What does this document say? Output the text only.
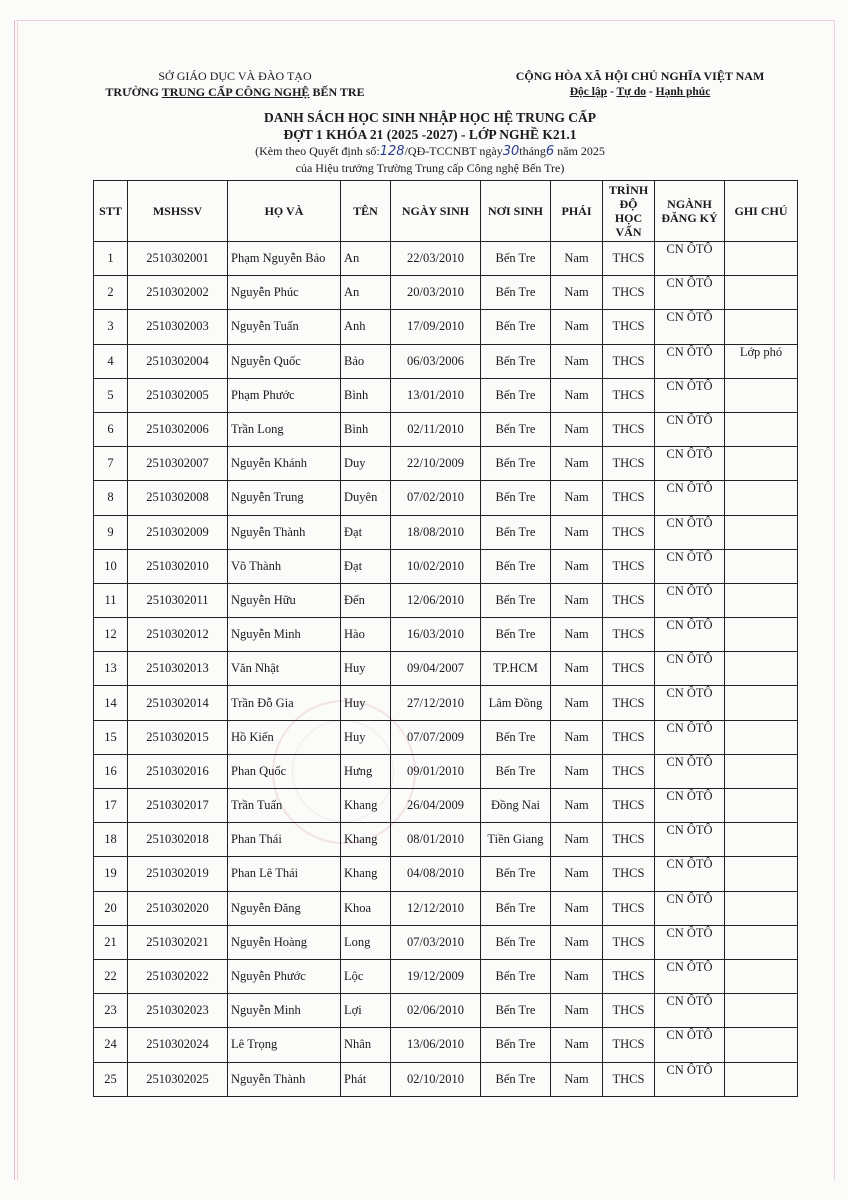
SỞ GIÁO DỤC VÀ ĐÀO TẠO
TRƯỜNG TRUNG CẤP CÔNG NGHỆ BẾN TRE
CỘNG HÒA XÃ HỘI CHỦ NGHĨA VIỆT NAM
Độc lập - Tự do - Hạnh phúc
DANH SÁCH HỌC SINH NHẬP HỌC HỆ TRUNG CẤP
ĐỢT 1 KHÓA 21 (2025 -2027) - LỚP NGHỀ K21.1
(Kèm theo Quyết định số:128/QĐ-TCCNBT ngày30tháng6 năm 2025
của Hiệu trưởng Trường Trung cấp Công nghệ Bến Tre)
STT	MSHSSV	HỌ VÀ	TÊN	NGÀY SINH	NƠI SINH	PHÁI	TRÌNH ĐỘ HỌC VẤN	NGÀNH ĐĂNG KÝ	GHI CHÚ
1	2510302001	Phạm Nguyễn Bảo	An	22/03/2010	Bến Tre	Nam	THCS	CN ÔTÔ	
2	2510302002	Nguyễn Phúc	An	20/03/2010	Bến Tre	Nam	THCS	CN ÔTÔ	
3	2510302003	Nguyễn Tuấn	Anh	17/09/2010	Bến Tre	Nam	THCS	CN ÔTÔ	
4	2510302004	Nguyễn Quốc	Bảo	06/03/2006	Bến Tre	Nam	THCS	CN ÔTÔ	Lớp phó
5	2510302005	Phạm Phước	Bình	13/01/2010	Bến Tre	Nam	THCS	CN ÔTÔ	
6	2510302006	Trần Long	Bình	02/11/2010	Bến Tre	Nam	THCS	CN ÔTÔ	
7	2510302007	Nguyễn Khánh	Duy	22/10/2009	Bến Tre	Nam	THCS	CN ÔTÔ	
8	2510302008	Nguyễn Trung	Duyên	07/02/2010	Bến Tre	Nam	THCS	CN ÔTÔ	
9	2510302009	Nguyễn Thành	Đạt	18/08/2010	Bến Tre	Nam	THCS	CN ÔTÔ	
10	2510302010	Võ Thành	Đạt	10/02/2010	Bến Tre	Nam	THCS	CN ÔTÔ	
11	2510302011	Nguyễn Hữu	Đến	12/06/2010	Bến Tre	Nam	THCS	CN ÔTÔ	
12	2510302012	Nguyễn Minh	Hào	16/03/2010	Bến Tre	Nam	THCS	CN ÔTÔ	
13	2510302013	Văn Nhật	Huy	09/04/2007	TP.HCM	Nam	THCS	CN ÔTÔ	
14	2510302014	Trần Đỗ Gia	Huy	27/12/2010	Lâm Đồng	Nam	THCS	CN ÔTÔ	
15	2510302015	Hồ Kiến	Huy	07/07/2009	Bến Tre	Nam	THCS	CN ÔTÔ	
16	2510302016	Phan Quốc	Hưng	09/01/2010	Bến Tre	Nam	THCS	CN ÔTÔ	
17	2510302017	Trần Tuấn	Khang	26/04/2009	Đồng Nai	Nam	THCS	CN ÔTÔ	
18	2510302018	Phan Thái	Khang	08/01/2010	Tiền Giang	Nam	THCS	CN ÔTÔ	
19	2510302019	Phan Lê Thái	Khang	04/08/2010	Bến Tre	Nam	THCS	CN ÔTÔ	
20	2510302020	Nguyễn Đăng	Khoa	12/12/2010	Bến Tre	Nam	THCS	CN ÔTÔ	
21	2510302021	Nguyễn Hoàng	Long	07/03/2010	Bến Tre	Nam	THCS	CN ÔTÔ	
22	2510302022	Nguyễn Phước	Lộc	19/12/2009	Bến Tre	Nam	THCS	CN ÔTÔ	
23	2510302023	Nguyễn Minh	Lợi	02/06/2010	Bến Tre	Nam	THCS	CN ÔTÔ	
24	2510302024	Lê Trọng	Nhân	13/06/2010	Bến Tre	Nam	THCS	CN ÔTÔ	
25	2510302025	Nguyễn Thành	Phát	02/10/2010	Bến Tre	Nam	THCS	CN ÔTÔ	
